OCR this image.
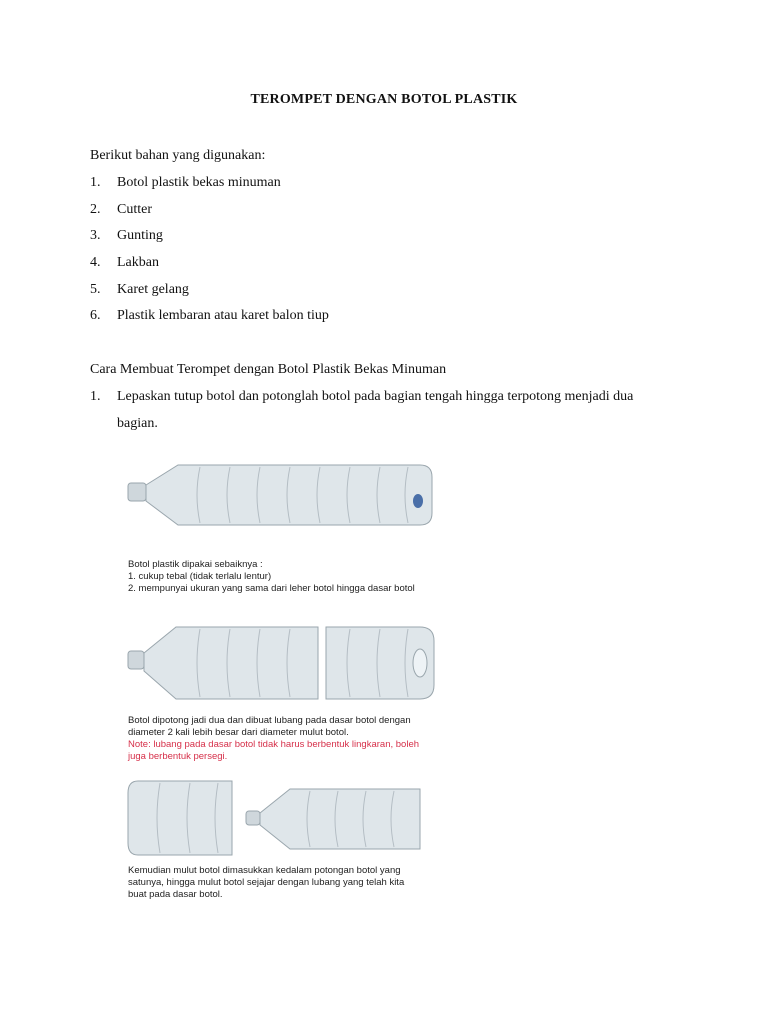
TEROMPET DENGAN BOTOL PLASTIK
Berikut bahan yang digunakan:
1. Botol plastik bekas minuman
2. Cutter
3. Gunting
4. Lakban
5. Karet gelang
6. Plastik lembaran atau karet balon tiup
Cara Membuat Terompet dengan Botol Plastik Bekas Minuman
1. Lepaskan tutup botol dan potonglah botol pada bagian tengah hingga terpotong menjadi dua
bagian.
Botol plastik dipakai sebaiknya :
1. cukup tebal (tidak terlalu lentur)
2. mempunyai ukuran yang sama dari leher botol hingga dasar botol
Botol dipotong jadi dua dan dibuat lubang pada dasar botol dengan
diameter 2 kali lebih besar dari diameter mulut botol.
Note: lubang pada dasar botol tidak harus berbentuk lingkaran, boleh
juga berbentuk persegi.
Kemudian mulut botol dimasukkan kedalam potongan botol yang
satunya, hingga mulut botol sejajar dengan lubang yang telah kita
buat pada dasar botol.
